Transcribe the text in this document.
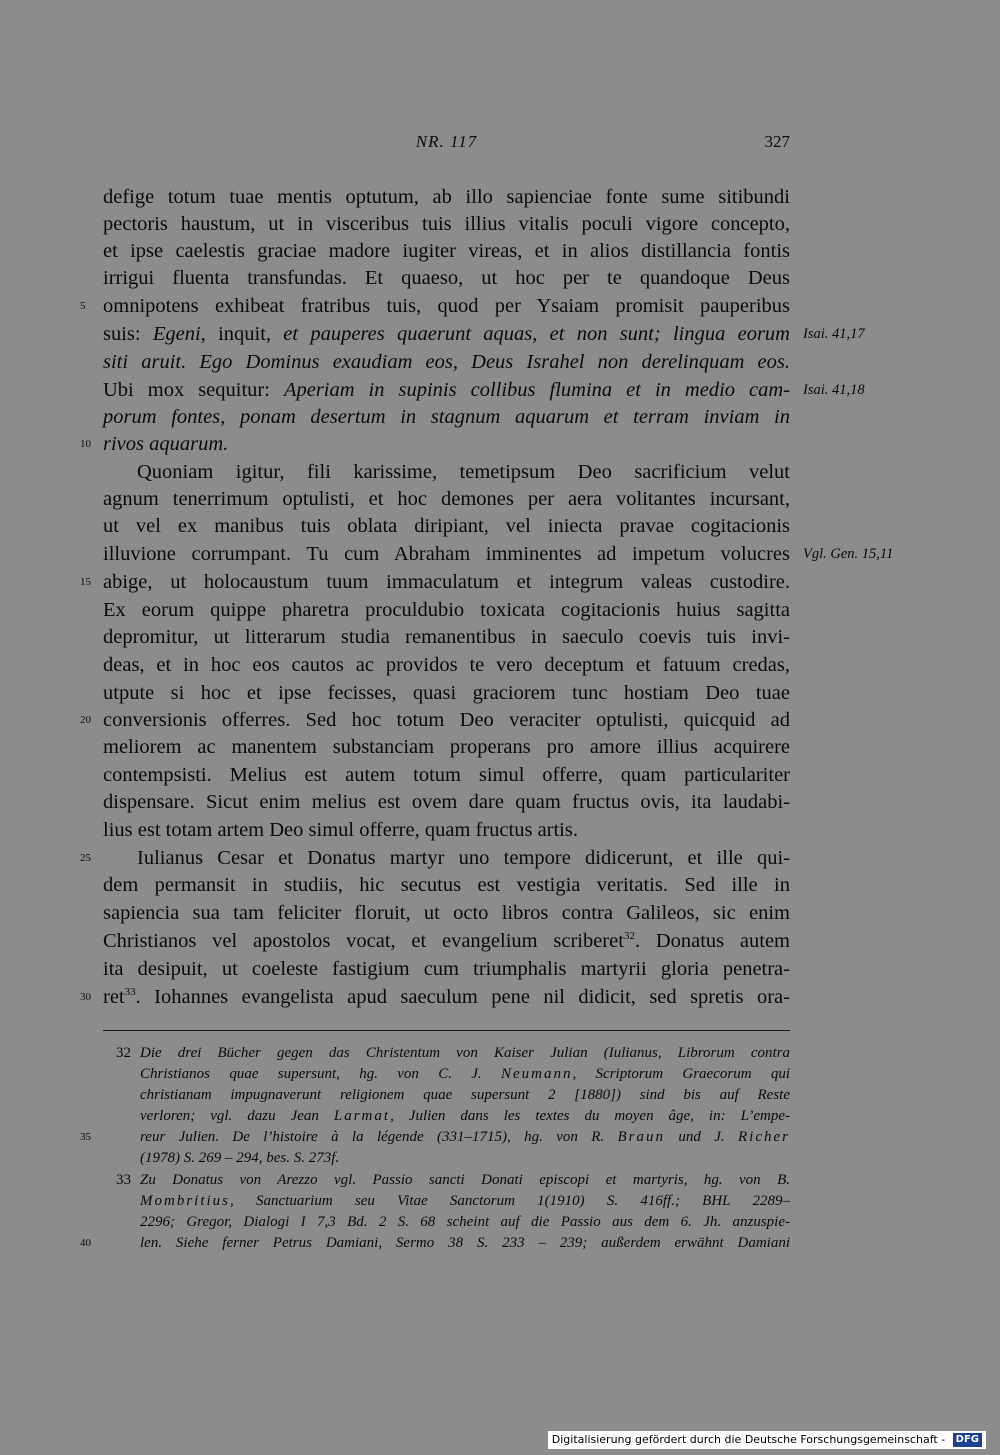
NR. 117	327
defige totum tuae mentis optutum, ab illo sapienciae fonte sume sitibundi
pectoris haustum, ut in visceribus tuis illius vitalis poculi vigore concepto,
et ipse caelestis graciae madore iugiter vireas, et in alios distillancia fontis
irrigui fluenta transfundas. Et quaeso, ut hoc per te quandoque Deus
omnipotens exhibeat fratribus tuis, quod per Ysaiam promisit pauperibus
5
suis: Egeni, inquit, et pauperes quaerunt aquas, et non sunt; lingua eorum Isai. 41,17
siti aruit. Ego Dominus exaudiam eos, Deus Israhel non derelinquam eos.
Ubi mox sequitur: Aperiam in supinis collibus flumina et in medio cam- Isai. 41,18
porum fontes, ponam desertum in stagnum aquarum et terram inviam in
rivos aquarum.
10
Quoniam igitur, fili karissime, temetipsum Deo sacrificium velut
agnum tenerrimum optulisti, et hoc demones per aera volitantes incursant,
ut vel ex manibus tuis oblata diripiant, vel iniecta pravae cogitacionis
illuvione corrumpant. Tu cum Abraham imminentes ad impetum volucres Vgl. Gen. 15,11
abige, ut holocaustum tuum immaculatum et integrum valeas custodire.
15
Ex eorum quippe pharetra proculdubio toxicata cogitacionis huius sagitta
depromitur, ut litterarum studia remanentibus in saeculo coevis tuis invi-
deas, et in hoc eos cautos ac providos te vero deceptum et fatuum credas,
utpute si hoc et ipse fecisses, quasi graciorem tunc hostiam Deo tuae
conversionis offerres. Sed hoc totum Deo veraciter optulisti, quicquid ad
20
meliorem ac manentem substanciam properans pro amore illius acquirere
contempsisti. Melius est autem totum simul offerre, quam particulariter
dispensare. Sicut enim melius est ovem dare quam fructus ovis, ita laudabi-
lius est totam artem Deo simul offerre, quam fructus artis.
Iulianus Cesar et Donatus martyr uno tempore didicerunt, et ille qui-
25
dem permansit in studiis, hic secutus est vestigia veritatis. Sed ille in
sapiencia sua tam feliciter floruit, ut octo libros contra Galileos, sic enim
Christianos vel apostolos vocat, et evangelium scriberet$^{32}$. Donatus autem
ita desipuit, ut coeleste fastigium cum triumphalis martyrii gloria penetra-
ret$^{33}$. Iohannes evangelista apud saeculum pene nil didicit, sed spretis ora-
30
32 Die drei Bücher gegen das Christentum von Kaiser Julian (Iulianus, Librorum contra
Christianos quae supersunt, hg. von C. J. Neumann, Scriptorum Graecorum qui
christianam impugnaverunt religionem quae supersunt 2 [1880]) sind bis auf Reste
verloren; vgl. dazu Jean Larmat, Julien dans les textes du moyen âge, in: L’empe-
reur Julien. De l’histoire à la légende (331–1715), hg. von R. Braun und J. Richer
35
(1978) S. 269 – 294, bes. S. 273f.
33 Zu Donatus von Arezzo vgl. Passio sancti Donati episcopi et martyris, hg. von B.
Mombritius, Sanctuarium seu Vitae Sanctorum 1(1910) S. 416ff.; BHL 2289–
2296; Gregor, Dialogi I 7,3 Bd. 2 S. 68 scheint auf die Passio aus dem 6. Jh. anzuspie-
len. Siehe ferner Petrus Damiani, Sermo 38 S. 233 – 239; außerdem erwähnt Damiani
40
Digitalisierung gefördert durch die Deutsche Forschungsgemeinschaft - DFG
